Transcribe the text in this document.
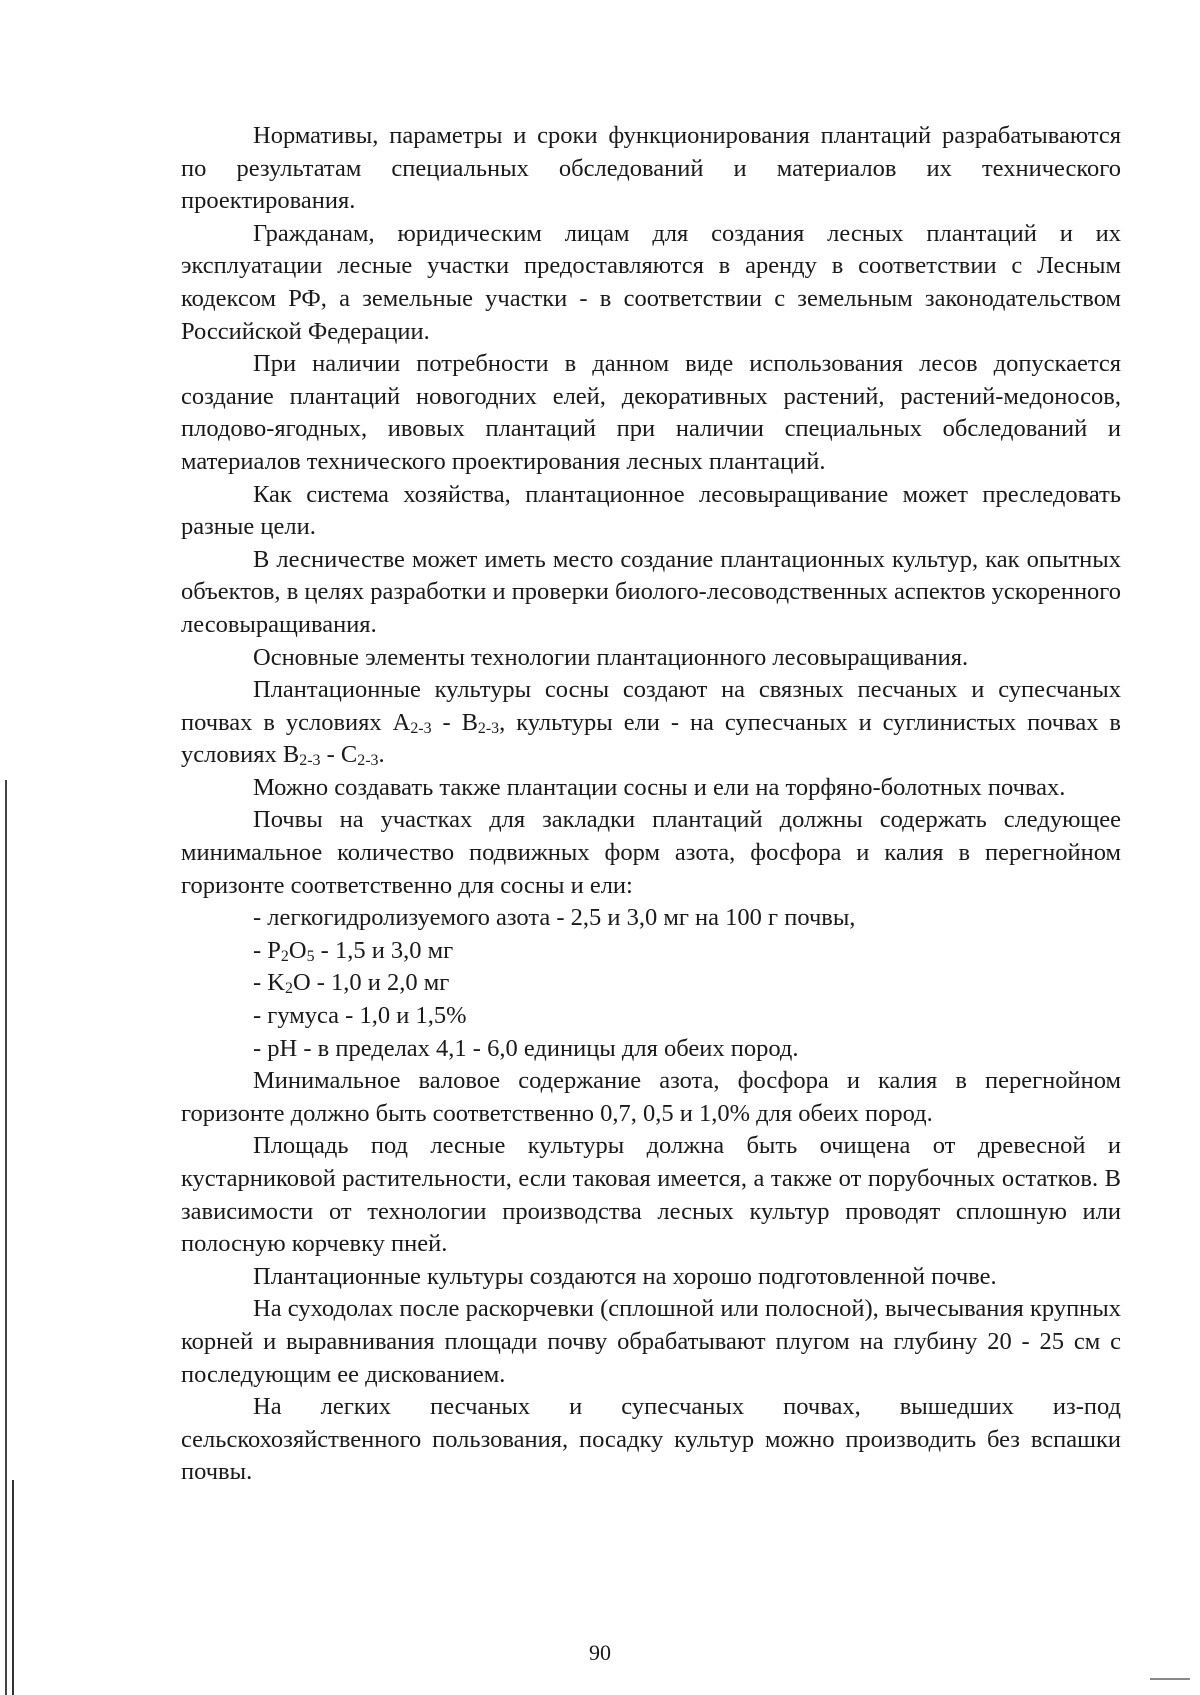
Нормативы, параметры и сроки функционирования плантаций разрабатываются по результатам специальных обследований и материалов их технического проектирования.

Гражданам, юридическим лицам для создания лесных плантаций и их эксплуатации лесные участки предоставляются в аренду в соответствии с Лесным кодексом РФ, а земельные участки - в соответствии с земельным законодательством Российской Федерации.

При наличии потребности в данном виде использования лесов допускается создание плантаций новогодних елей, декоративных растений, растений-медоносов, плодово-ягодных, ивовых плантаций при наличии специальных обследований и материалов технического проектирования лесных плантаций.

Как система хозяйства, плантационное лесовыращивание может преследовать разные цели.

В лесничестве может иметь место создание плантационных культур, как опытных объектов, в целях разработки и проверки биолого-лесоводственных аспектов ускоренного лесовыращивания.

Основные элементы технологии плантационного лесовыращивания.

Плантационные культуры сосны создают на связных песчаных и супесчаных почвах в условиях $А_{2-3} - В_{2-3}$, культуры ели - на супесчаных и суглинистых почвах в условиях $В_{2-3} - С_{2-3}$.

Можно создавать также плантации сосны и ели на торфяно-болотных почвах.

Почвы на участках для закладки плантаций должны содержать следующее минимальное количество подвижных форм азота, фосфора и калия в перегнойном горизонте соответственно для сосны и ели:

- легкогидролизуемого азота - 2,5 и 3,0 мг на 100 г почвы,

- $P_2O_5 - 1,5$ и 3,0 мг

- $K_2O - 1,0$ и 2,0 мг

- гумуса - 1,0 и 1,5%

- pH - в пределах 4,1 - 6,0 единицы для обеих пород.

Минимальное валовое содержание азота, фосфора и калия в перегнойном горизонте должно быть соответственно 0,7, 0,5 и 1,0% для обеих пород.

Площадь под лесные культуры должна быть очищена от древесной и кустарниковой растительности, если таковая имеется, а также от порубочных остатков. В зависимости от технологии производства лесных культур проводят сплошную или полосную корчевку пней.

Плантационные культуры создаются на хорошо подготовленной почве.

На суходолах после раскорчевки (сплошной или полосной), вычесывания крупных корней и выравнивания площади почву обрабатывают плугом на глубину 20 - 25 см с последующим ее дискованием.

На легких песчаных и супесчаных почвах, вышедших из-под сельскохозяйственного пользования, посадку культур можно производить без вспашки почвы.

90
